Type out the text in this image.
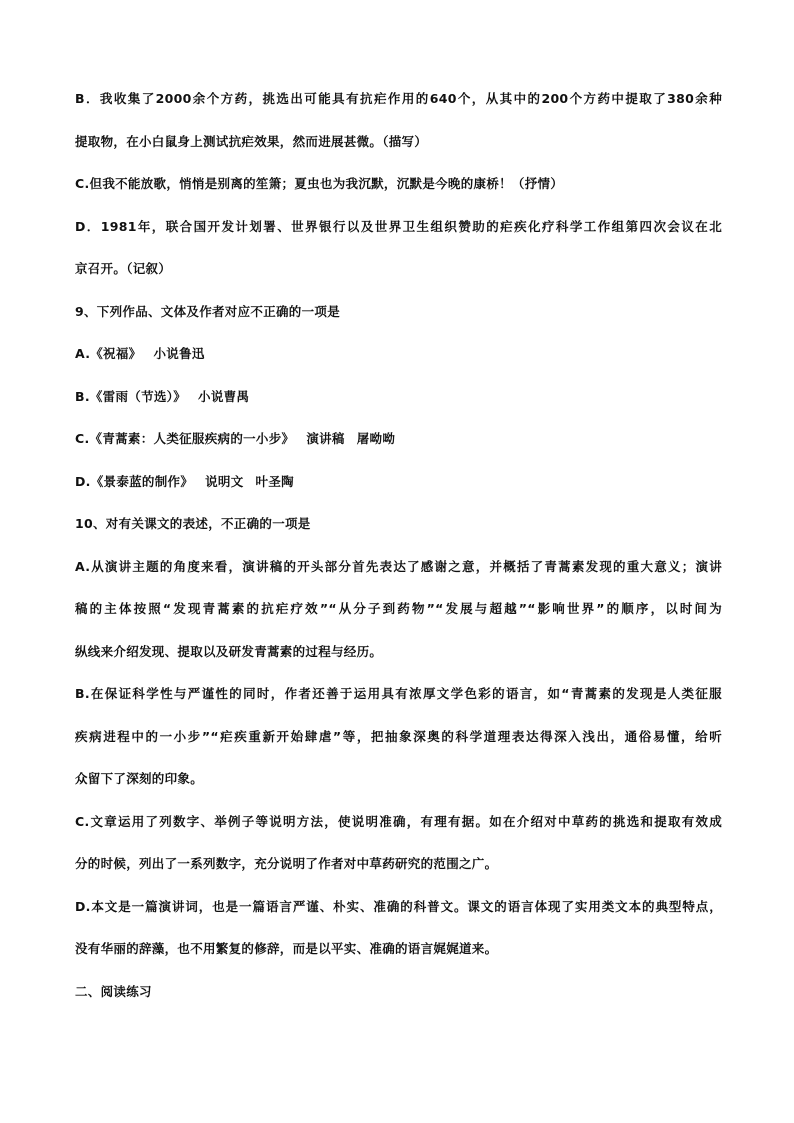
B．我收集了2000余个方药，挑选出可能具有抗疟作用的640个，从其中的200个方药中提取了380余种
提取物，在小白鼠身上测试抗疟效果，然而进展甚微。（描写）
C.但我不能放歌，悄悄是别离的笙箫；夏虫也为我沉默，沉默是今晚的康桥！（抒情）
D．1981年，联合国开发计划署、世界银行以及世界卫生组织赞助的疟疾化疗科学工作组第四次会议在北
京召开。（记叙）
9、下列作品、文体及作者对应不正确的一项是
A.《祝福》 小说鲁迅
B.《雷雨（节选）》 小说曹禺
C.《青蒿素：人类征服疾病的一小步》 演讲稿 屠呦呦
D.《景泰蓝的制作》 说明文 叶圣陶
10、对有关课文的表述，不正确的一项是
A.从演讲主题的角度来看，演讲稿的开头部分首先表达了感谢之意，并概括了青蒿素发现的重大意义；演讲
稿的主体按照“发现青蒿素的抗疟疗效”“从分子到药物”“发展与超越”“影响世界”的顺序，以时间为
纵线来介绍发现、提取以及研发青蒿素的过程与经历。
B.在保证科学性与严谨性的同时，作者还善于运用具有浓厚文学色彩的语言，如“青蒿素的发现是人类征服
疾病进程中的一小步”“疟疾重新开始肆虐”等，把抽象深奥的科学道理表达得深入浅出，通俗易懂，给听
众留下了深刻的印象。
C.文章运用了列数字、举例子等说明方法，使说明准确，有理有据。如在介绍对中草药的挑选和提取有效成
分的时候，列出了一系列数字，充分说明了作者对中草药研究的范围之广。
D.本文是一篇演讲词，也是一篇语言严谨、朴实、准确的科普文。课文的语言体现了实用类文本的典型特点，
没有华丽的辞藻，也不用繁复的修辞，而是以平实、准确的语言娓娓道来。
二、阅读练习
